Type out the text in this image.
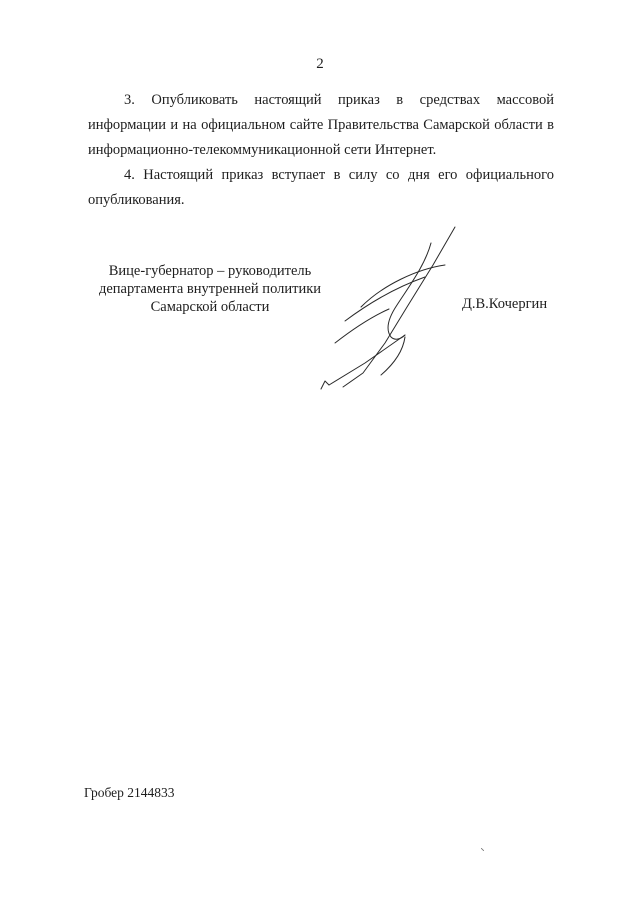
2

3. Опубликовать настоящий приказ в средствах массовой
информации и на официальном сайте Правительства Самарской области в
информационно-телекоммуникационной сети Интернет.

4. Настоящий приказ вступает в силу со дня его официального
опубликования.

Вице-губернатор – руководитель
департамента внутренней политики
Самарской области	Д.В.Кочергин
Гробер 2144833
